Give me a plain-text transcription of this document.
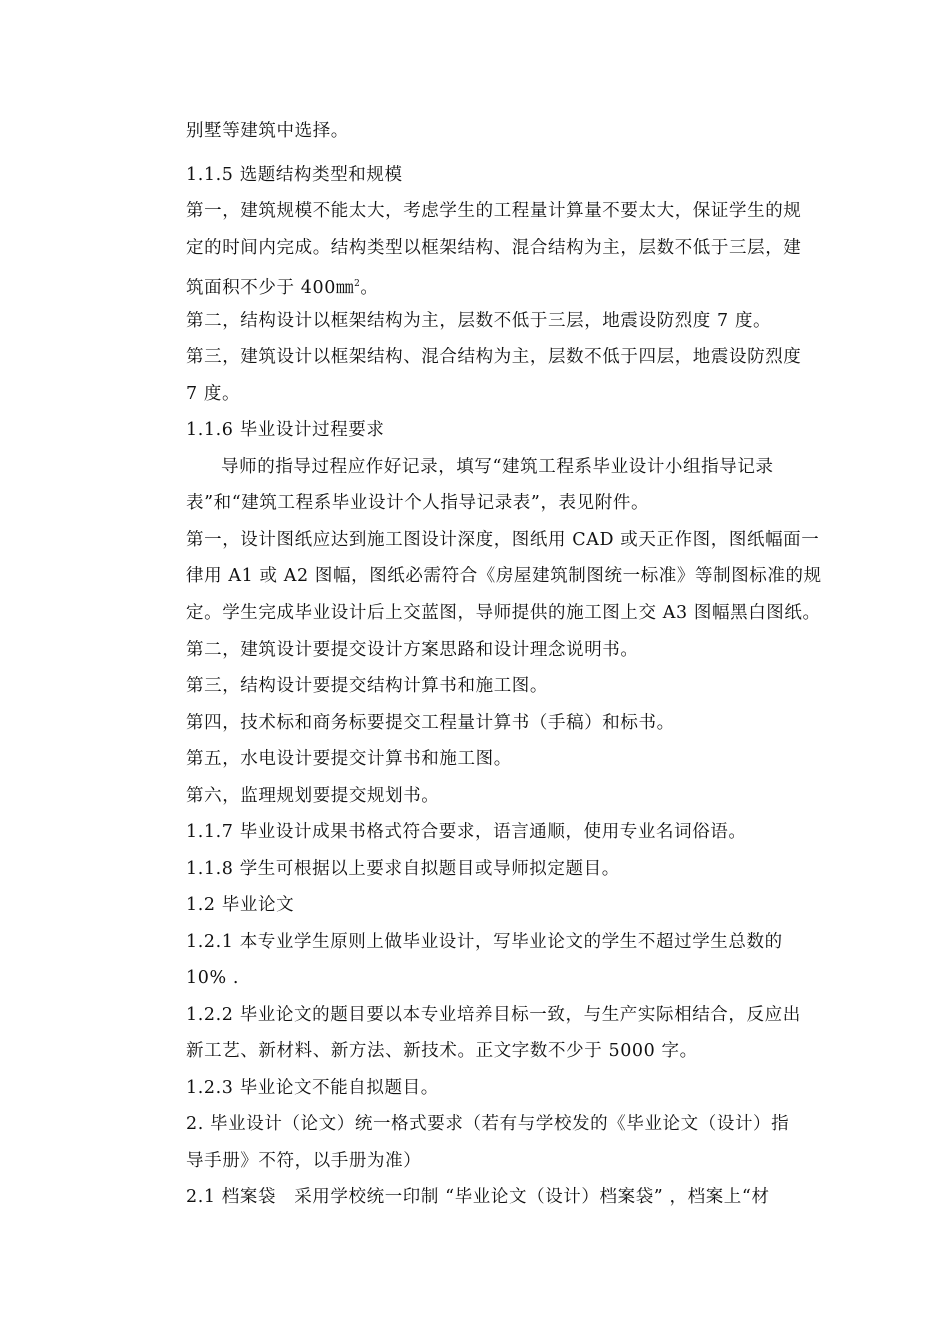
别墅等建筑中选择。
1.1.5 选题结构类型和规模
第一，建筑规模不能太大，考虑学生的工程量计算量不要太大，保证学生的规
定的时间内完成。结构类型以框架结构、混合结构为主，层数不低于三层，建
筑面积不少于 400㎜$^2$。
第二，结构设计以框架结构为主，层数不低于三层，地震设防烈度 7 度。
第三，建筑设计以框架结构、混合结构为主，层数不低于四层，地震设防烈度
7 度。
1.1.6 毕业设计过程要求
导师的指导过程应作好记录，填写“建筑工程系毕业设计小组指导记录
表”和“建筑工程系毕业设计个人指导记录表”，表见附件。
第一，设计图纸应达到施工图设计深度，图纸用 CAD 或天正作图，图纸幅面一
律用 A1 或 A2 图幅，图纸必需符合《房屋建筑制图统一标准》等制图标准的规
定。学生完成毕业设计后上交蓝图，导师提供的施工图上交 A3 图幅黑白图纸。
第二，建筑设计要提交设计方案思路和设计理念说明书。
第三，结构设计要提交结构计算书和施工图。
第四，技术标和商务标要提交工程量计算书（手稿）和标书。
第五，水电设计要提交计算书和施工图。
第六，监理规划要提交规划书。
1.1.7 毕业设计成果书格式符合要求，语言通顺，使用专业名词俗语。
1.1.8 学生可根据以上要求自拟题目或导师拟定题目。
1.2 毕业论文
1.2.1 本专业学生原则上做毕业设计，写毕业论文的学生不超过学生总数的
10% .
1.2.2 毕业论文的题目要以本专业培养目标一致，与生产实际相结合，反应出
新工艺、新材料、新方法、新技术。正文字数不少于 5000 字。
1.2.3 毕业论文不能自拟题目。
2. 毕业设计（论文）统一格式要求（若有与学校发的《毕业论文（设计）指
导手册》不符，以手册为准）
2.1 档案袋　采用学校统一印制 “毕业论文（设计）档案袋” ，档案上“材
